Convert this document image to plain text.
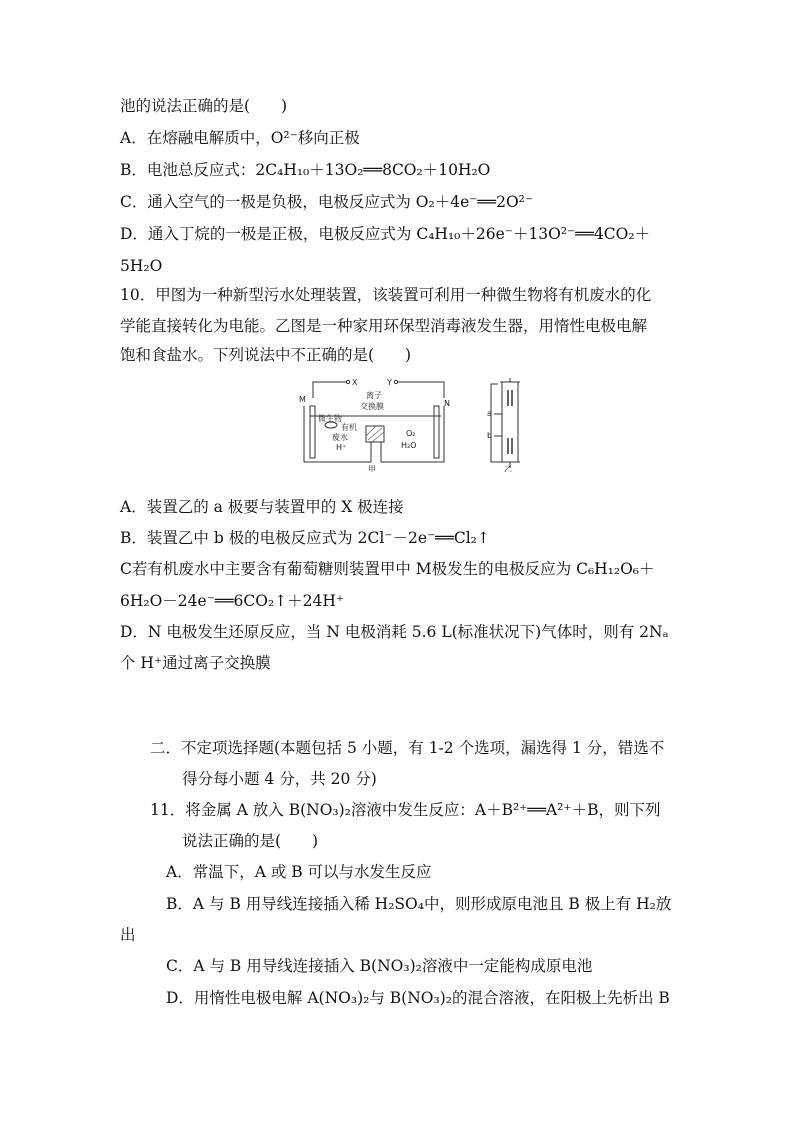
池的说法正确的是(　　)
A．在熔融电解质中，O²⁻移向正极
B．电池总反应式：2C₄H₁₀＋13O₂══8CO₂＋10H₂O
C．通入空气的一极是负极，电极反应式为 O₂＋4e⁻══2O²⁻
D．通入丁烷的一极是正极，电极反应式为 C₄H₁₀＋26e⁻＋13O²⁻══4CO₂＋
5H₂O
10．甲图为一种新型污水处理装置，该装置可利用一种微生物将有机废水的化
学能直接转化为电能。乙图是一种家用环保型消毒液发生器，用惰性电极电解
饱和食盐水。下列说法中不正确的是(　　)
X	Y
M	N
离子
交换膜
微生物
有机
废水
H⁺
O₂
H₂O
甲
a
b
乙
A．装置乙的 a 极要与装置甲的 X 极连接
B．装置乙中 b 极的电极反应式为 2Cl⁻－2e⁻══Cl₂↑
C若有机废水中主要含有葡萄糖则装置甲中 M极发生的电极反应为 C₆H₁₂O₆＋
6H₂O－24e⁻══6CO₂↑＋24H⁺
D．N 电极发生还原反应，当 N 电极消耗 5.6 L(标准状况下)气体时，则有 2Nₐ
个 H⁺通过离子交换膜
二．不定项选择题(本题包括 5 小题，有 1-2 个选项，漏选得 1 分，错选不
得分每小题 4 分，共 20 分)
11．将金属 A 放入 B(NO₃)₂溶液中发生反应：A＋B²⁺══A²⁺＋B，则下列
说法正确的是(　　)
A．常温下，A 或 B 可以与水发生反应
B．A 与 B 用导线连接插入稀 H₂SO₄中，则形成原电池且 B 极上有 H₂放
出
C．A 与 B 用导线连接插入 B(NO₃)₂溶液中一定能构成原电池
D．用惰性电极电解 A(NO₃)₂与 B(NO₃)₂的混合溶液，在阳极上先析出 B
